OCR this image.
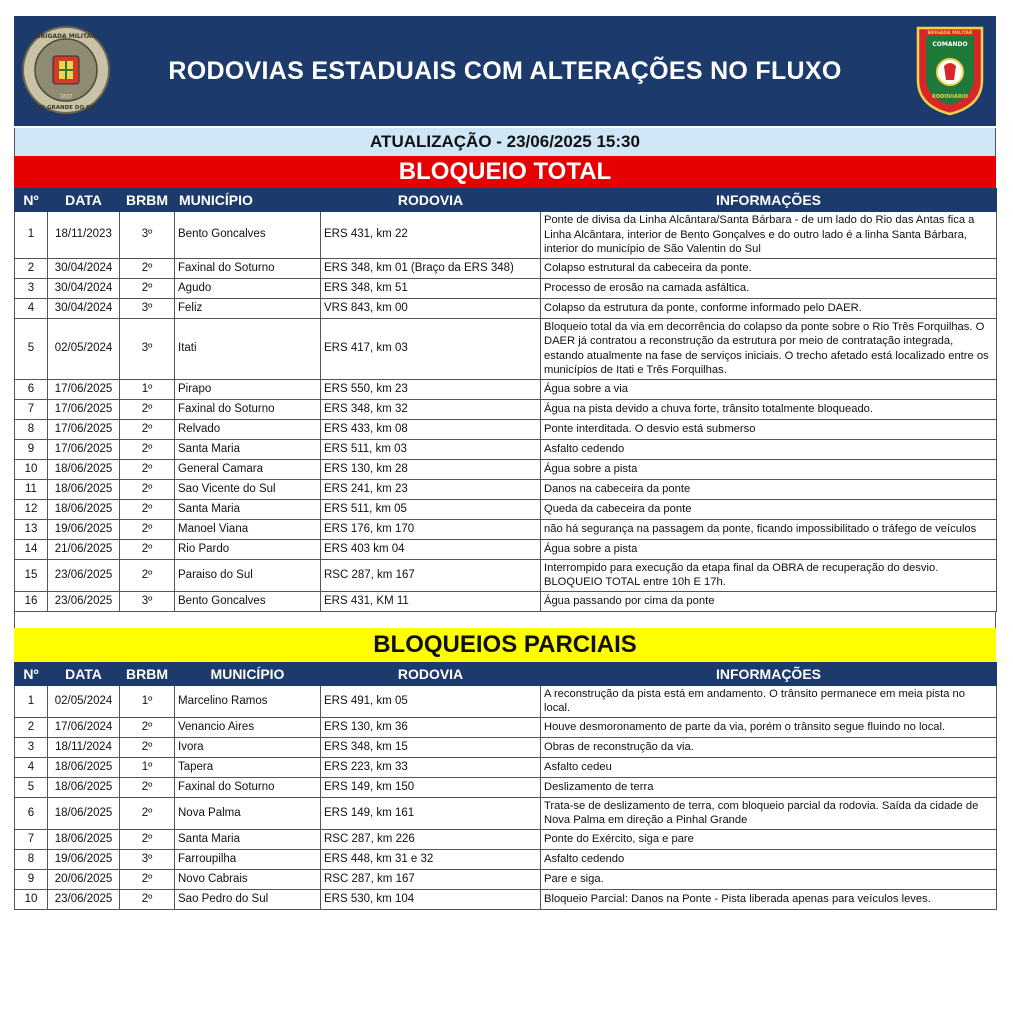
BRIGADA MILITAR
RIO GRANDE DO SUL
1837
RODOVIAS ESTADUAIS COM ALTERAÇÕES NO FLUXO
BRIGADA MILITAR
COMANDO
RODOVIÁRIO
ATUALIZAÇÃO - 23/06/2025 15:30
BLOQUEIO TOTAL
Nº	DATA	BRBM	MUNICÍPIO	RODOVIA	INFORMAÇÕES
1	18/11/2023	3º	Bento Goncalves	ERS 431, km 22	Ponte de divisa da Linha Alcântara/Santa Bárbara - de um lado do Rio das Antas fica a Linha Alcântara, interior de Bento Gonçalves e do outro lado é a linha Santa Bárbara, interior do município de São Valentin do Sul
2	30/04/2024	2º	Faxinal do Soturno	ERS 348, km 01 (Braço da ERS 348)	Colapso estrutural da cabeceira da ponte.
3	30/04/2024	2º	Agudo	ERS 348, km 51	Processo de erosão na camada asfáltica.
4	30/04/2024	3º	Feliz	VRS 843, km 00	Colapso da estrutura da ponte, conforme informado pelo DAER.
5	02/05/2024	3º	Itati	ERS 417, km 03	Bloqueio total da via em decorrência do colapso da ponte sobre o Rio Três Forquilhas. O DAER já contratou a reconstrução da estrutura por meio de contratação integrada, estando atualmente na fase de serviços iniciais. O trecho afetado está localizado entre os municípios de Itati e Três Forquilhas.
6	17/06/2025	1º	Pirapo	ERS 550, km 23	Água sobre a via
7	17/06/2025	2º	Faxinal do Soturno	ERS 348, km 32	Água na pista devido a chuva forte, trânsito totalmente bloqueado.
8	17/06/2025	2º	Relvado	ERS 433, km 08	Ponte interditada. O desvio está submerso
9	17/06/2025	2º	Santa Maria	ERS 511, km 03	Asfalto cedendo
10	18/06/2025	2º	General Camara	ERS 130, km 28	Água sobre a pista
11	18/06/2025	2º	Sao Vicente do Sul	ERS 241, km 23	Danos na cabeceira da ponte
12	18/06/2025	2º	Santa Maria	ERS 511, km 05	Queda da cabeceira da ponte
13	19/06/2025	2º	Manoel Viana	ERS 176, km 170	não há segurança na passagem da ponte, ficando impossibilitado o tráfego de veículos
14	21/06/2025	2º	Rio Pardo	ERS 403 km 04	Água sobre a pista
15	23/06/2025	2º	Paraiso do Sul	RSC 287, km 167	Interrompido para execução da etapa final da OBRA de recuperação do desvio. BLOQUEIO TOTAL entre 10h E 17h.
16	23/06/2025	3º	Bento Goncalves	ERS 431, KM 11	Água passando por cima da ponte
BLOQUEIOS PARCIAIS
Nº	DATA	BRBM	MUNICÍPIO	RODOVIA	INFORMAÇÕES
1	02/05/2024	1º	Marcelino Ramos	ERS 491, km 05	A reconstrução da pista está em andamento. O trânsito permanece em meia pista no local.
2	17/06/2024	2º	Venancio Aires	ERS 130, km 36	Houve desmoronamento de parte da via, porém o trânsito segue fluindo no local.
3	18/11/2024	2º	Ivora	ERS 348, km 15	Obras de reconstrução da via.
4	18/06/2025	1º	Tapera	ERS 223, km 33	Asfalto cedeu
5	18/06/2025	2º	Faxinal do Soturno	ERS 149, km 150	Deslizamento de terra
6	18/06/2025	2º	Nova Palma	ERS 149, km 161	Trata-se de deslizamento de terra, com bloqueio parcial da rodovia. Saída da cidade de Nova Palma em direção a Pinhal Grande
7	18/06/2025	2º	Santa Maria	RSC 287, km 226	Ponte do Exército, siga e pare
8	19/06/2025	3º	Farroupilha	ERS 448, km 31 e 32	Asfalto cedendo
9	20/06/2025	2º	Novo Cabrais	RSC 287, km 167	Pare e siga.
10	23/06/2025	2º	Sao Pedro do Sul	ERS 530, km 104	Bloqueio Parcial: Danos na Ponte - Pista liberada apenas para veículos leves.
